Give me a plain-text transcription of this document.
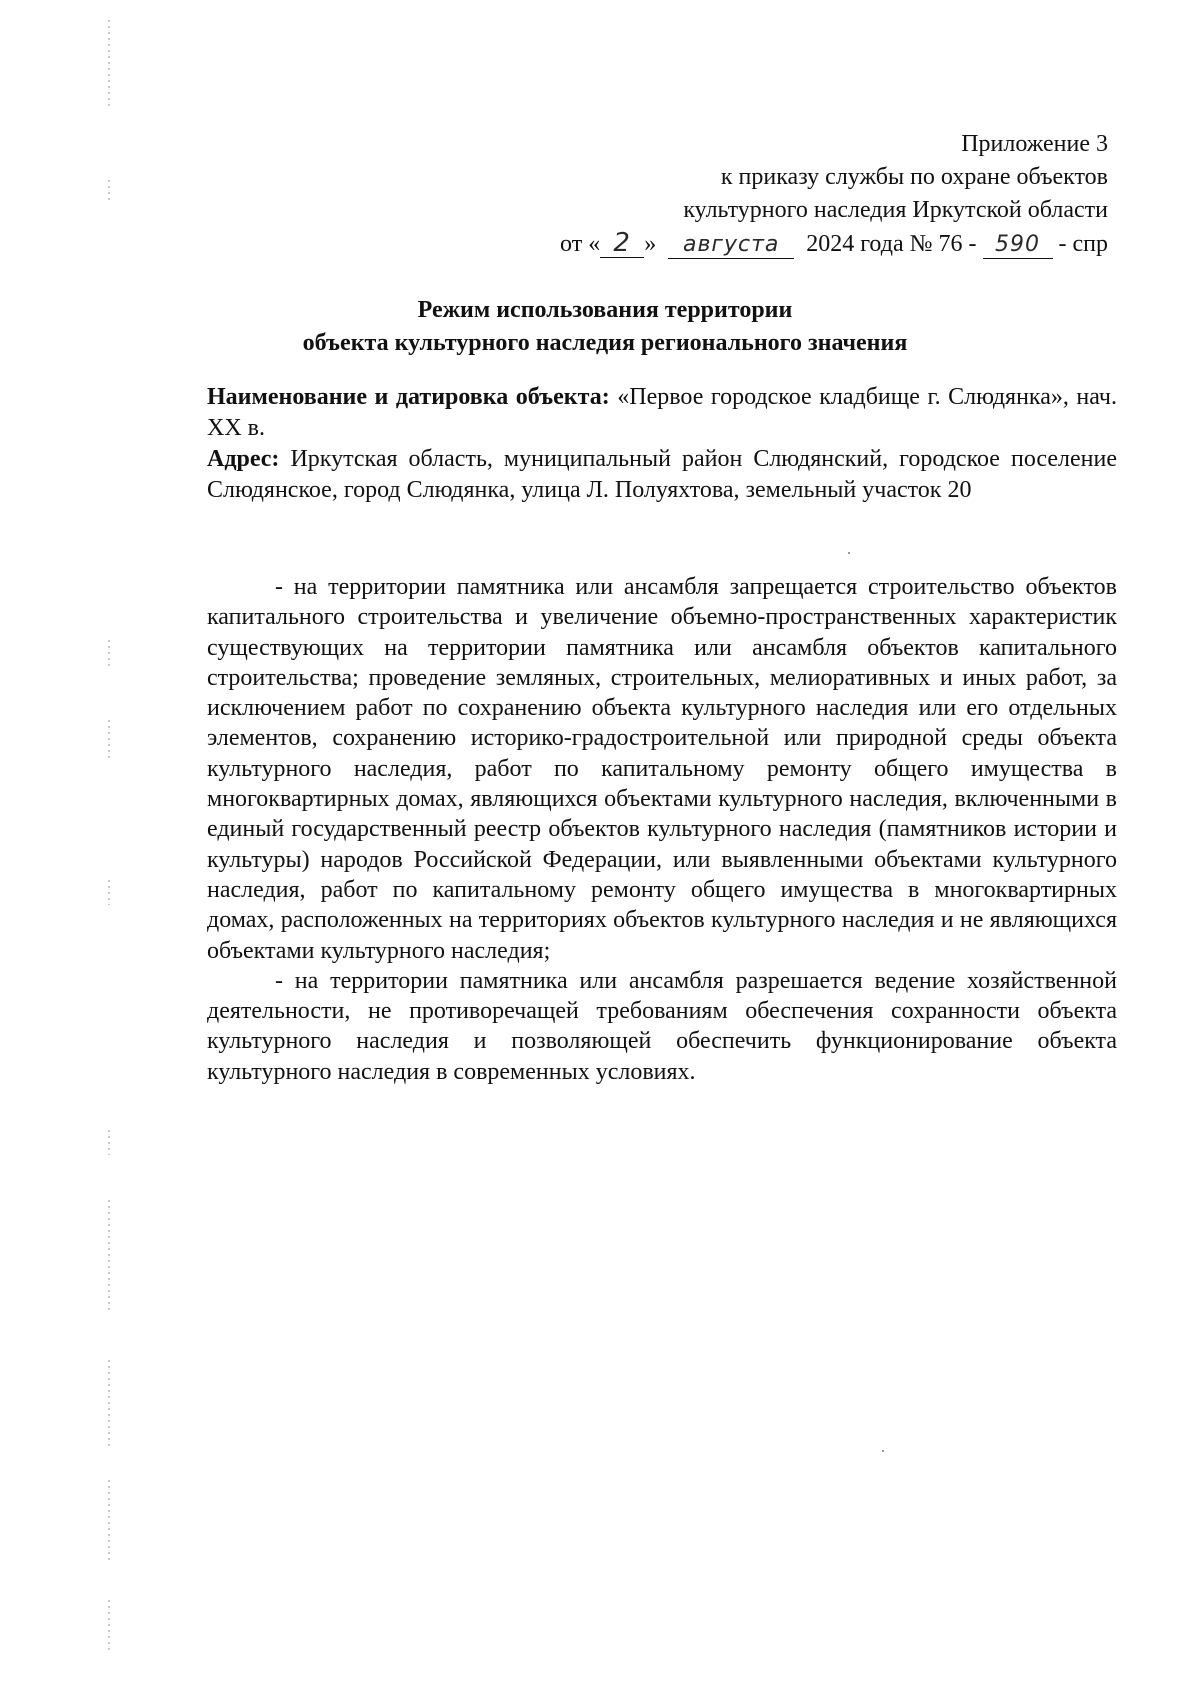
Приложение 3
к приказу службы по охране объектов
культурного наследия Иркутской области
от « 2 » августа 2024 года № 76 - 590 - спр
Режим использования территории
объекта культурного наследия регионального значения

Наименование и датировка объекта: «Первое городское кладбище г. Слюдянка», нач. XX в.

Адрес: Иркутская область, муниципальный район Слюдянский, городское поселение Слюдянское, город Слюдянка, улица Л. Полуяхтова, земельный участок 20

- на территории памятника или ансамбля запрещается строительство объектов капитального строительства и увеличение объемно-пространственных характеристик существующих на территории памятника или ансамбля объектов капитального строительства; проведение земляных, строительных, мелиоративных и иных работ, за исключением работ по сохранению объекта культурного наследия или его отдельных элементов, сохранению историко-градостроительной или природной среды объекта культурного наследия, работ по капитальному ремонту общего имущества в многоквартирных домах, являющихся объектами культурного наследия, включенными в единый государственный реестр объектов культурного наследия (памятников истории и культуры) народов Российской Федерации, или выявленными объектами культурного наследия, работ по капитальному ремонту общего имущества в многоквартирных домах, расположенных на территориях объектов культурного наследия и не являющихся объектами культурного наследия;

- на территории памятника или ансамбля разрешается ведение хозяйственной деятельности, не противоречащей требованиям обеспечения сохранности объекта культурного наследия и позволяющей обеспечить функционирование объекта культурного наследия в современных условиях.
